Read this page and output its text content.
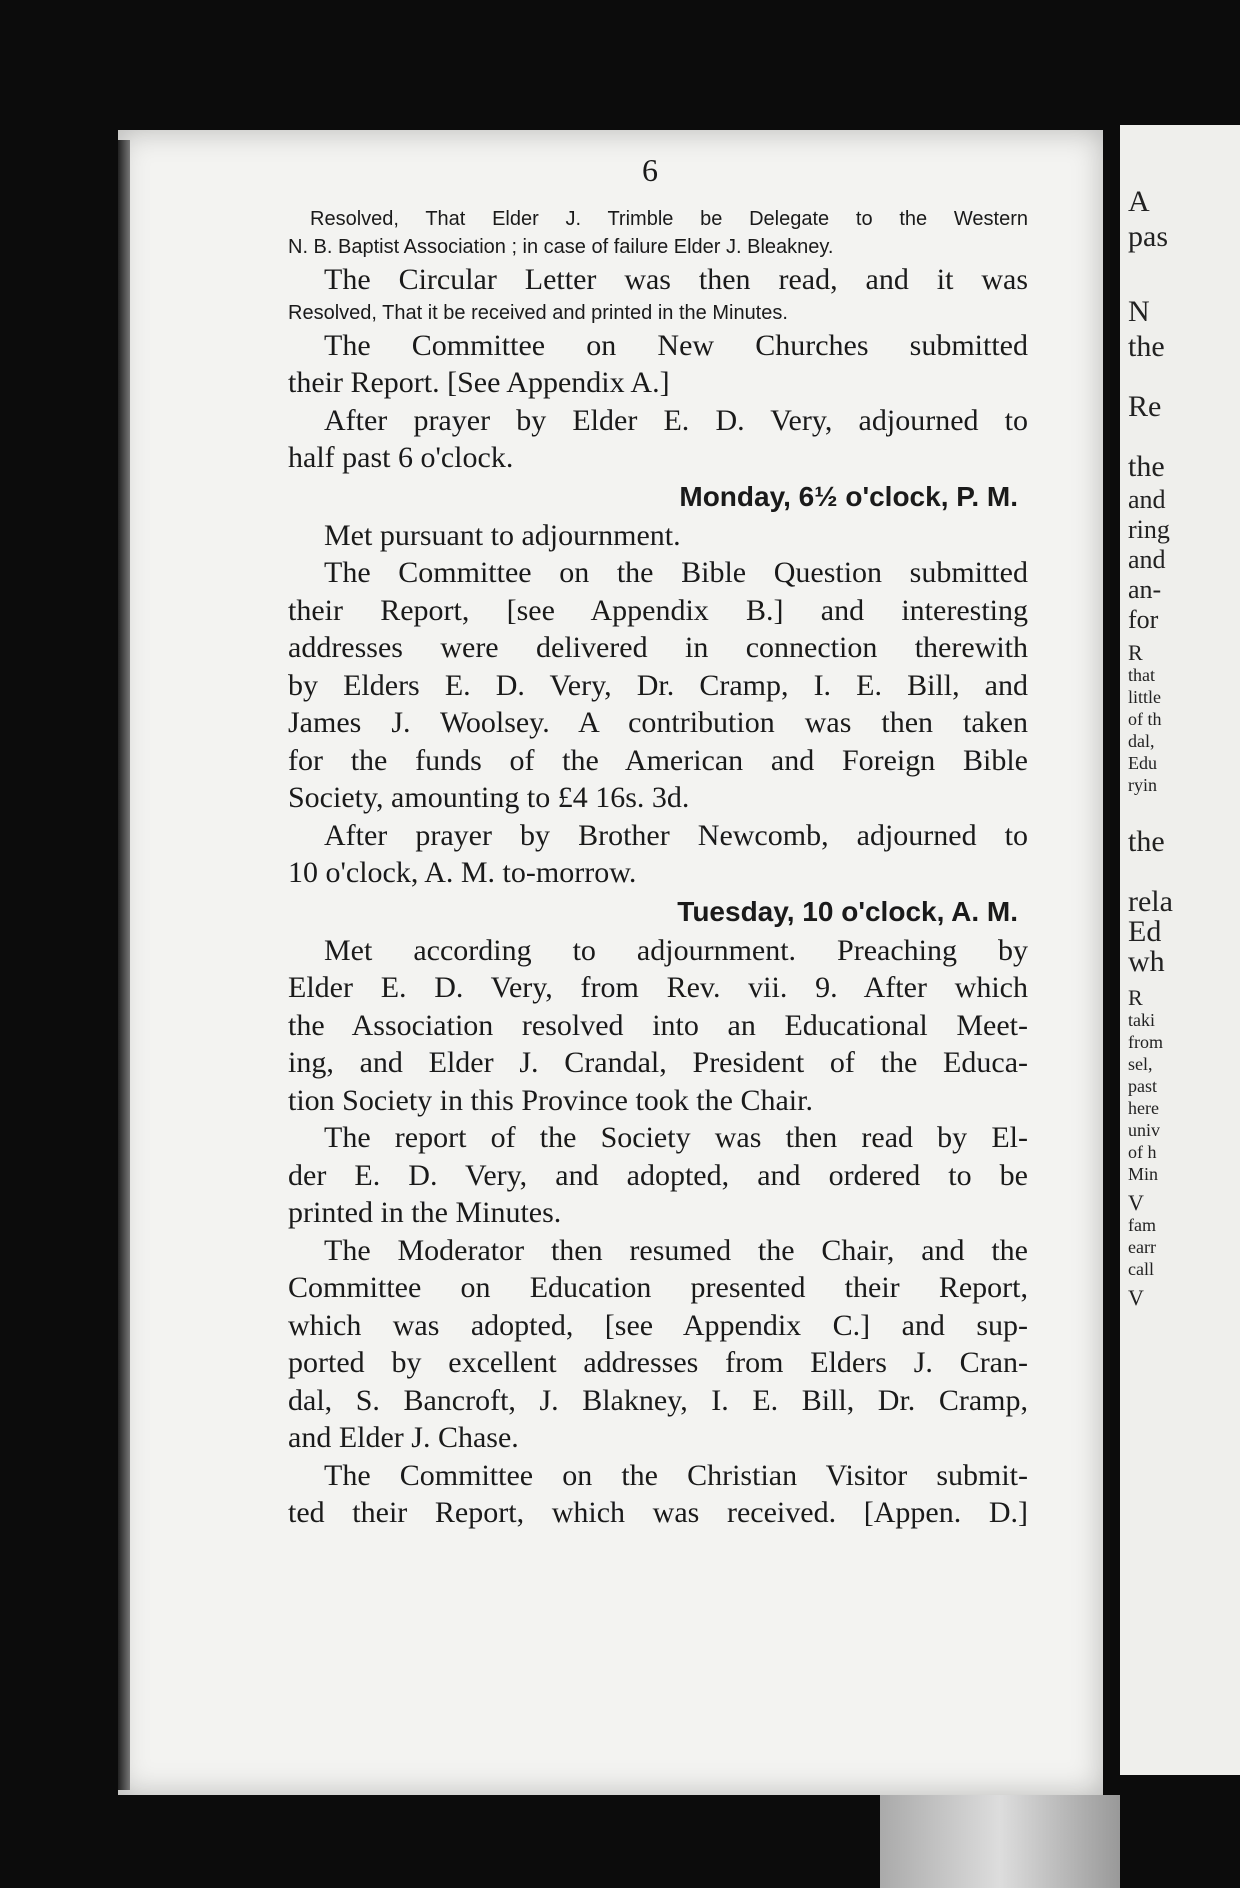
A
pas
N
the
Re
the
and
ring
and
an-
for
R
that
little
of th
dal,
Edu
ryin
the
rela
Ed
wh
R
taki
from
sel,
past
here
univ
of h
Min
V
fam
earr
call
V
6
Resolved, That Elder J. Trimble be Delegate to the Western
N. B. Baptist Association ; in case of failure Elder J. Bleakney.
The Circular Letter was then read, and it was
Resolved, That it be received and printed in the Minutes.
The Committee on New Churches submitted
their Report. [See Appendix A.]
After prayer by Elder E. D. Very, adjourned to
half past 6 o'clock.
Monday, 6½ o'clock, P. M.
Met pursuant to adjournment.
The Committee on the Bible Question submitted
their Report, [see Appendix B.] and interesting
addresses were delivered in connection therewith
by Elders E. D. Very, Dr. Cramp, I. E. Bill, and
James J. Woolsey. A contribution was then taken
for the funds of the American and Foreign Bible
Society, amounting to £4 16s. 3d.
After prayer by Brother Newcomb, adjourned to
10 o'clock, A. M. to-morrow.
Tuesday, 10 o'clock, A. M.
Met according to adjournment. Preaching by
Elder E. D. Very, from Rev. vii. 9. After which
the Association resolved into an Educational Meet-
ing, and Elder J. Crandal, President of the Educa-
tion Society in this Province took the Chair.
The report of the Society was then read by El-
der E. D. Very, and adopted, and ordered to be
printed in the Minutes.
The Moderator then resumed the Chair, and the
Committee on Education presented their Report,
which was adopted, [see Appendix C.] and sup-
ported by excellent addresses from Elders J. Cran-
dal, S. Bancroft, J. Blakney, I. E. Bill, Dr. Cramp,
and Elder J. Chase.
The Committee on the Christian Visitor submit-
ted their Report, which was received. [Appen. D.]
